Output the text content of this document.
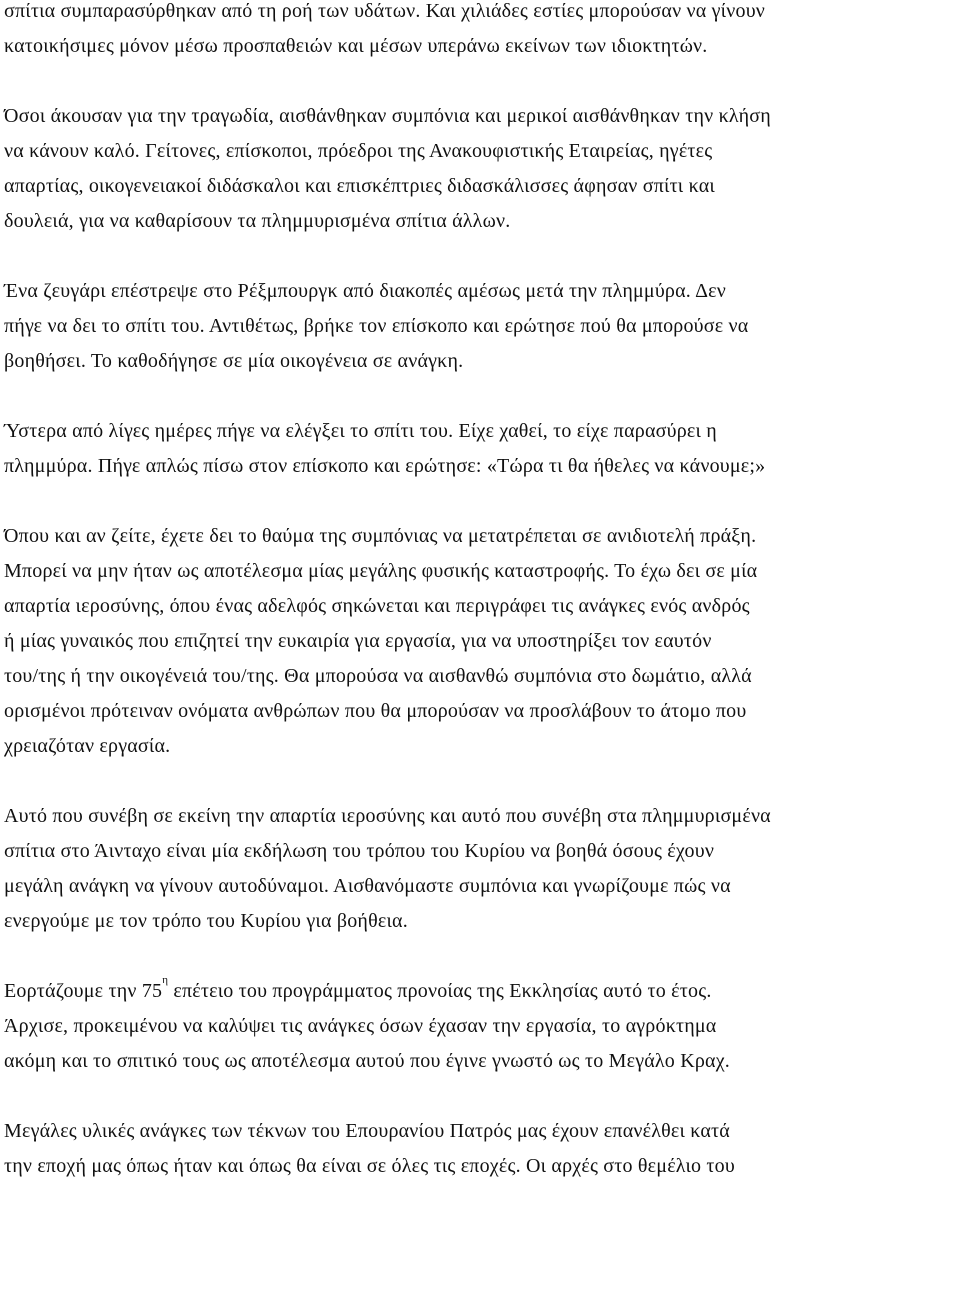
σπίτια συμπαρασύρθηκαν από τη ροή των υδάτων. Και χιλιάδες εστίες μπορούσαν να γίνουν
κατοικήσιμες μόνον μέσω προσπαθειών και μέσων υπεράνω εκείνων των ιδιοκτητών.

Όσοι άκουσαν για την τραγωδία, αισθάνθηκαν συμπόνια και μερικοί αισθάνθηκαν την κλήση
να κάνουν καλό. Γείτονες, επίσκοποι, πρόεδροι της Ανακουφιστικής Εταιρείας, ηγέτες
απαρτίας, οικογενειακοί διδάσκαλοι και επισκέπτριες διδασκάλισσες άφησαν σπίτι και
δουλειά, για να καθαρίσουν τα πλημμυρισμένα σπίτια άλλων.

Ένα ζευγάρι επέστρεψε στο Ρέξμπουργκ από διακοπές αμέσως μετά την πλημμύρα. Δεν
πήγε να δει το σπίτι του. Αντιθέτως, βρήκε τον επίσκοπο και ερώτησε πού θα μπορούσε να
βοηθήσει. Το καθοδήγησε σε μία οικογένεια σε ανάγκη.

Ύστερα από λίγες ημέρες πήγε να ελέγξει το σπίτι του. Είχε χαθεί, το είχε παρασύρει η
πλημμύρα. Πήγε απλώς πίσω στον επίσκοπο και ερώτησε: «Τώρα τι θα ήθελες να κάνουμε;»

Όπου και αν ζείτε, έχετε δει το θαύμα της συμπόνιας να μετατρέπεται σε ανιδιοτελή πράξη.
Μπορεί να μην ήταν ως αποτέλεσμα μίας μεγάλης φυσικής καταστροφής. Το έχω δει σε μία
απαρτία ιεροσύνης, όπου ένας αδελφός σηκώνεται και περιγράφει τις ανάγκες ενός ανδρός
ή μίας γυναικός που επιζητεί την ευκαιρία για εργασία, για να υποστηρίξει τον εαυτόν
του/της ή την οικογένειά του/της. Θα μπορούσα να αισθανθώ συμπόνια στο δωμάτιο, αλλά
ορισμένοι πρότειναν ονόματα ανθρώπων που θα μπορούσαν να προσλάβουν το άτομο που
χρειαζόταν εργασία.

Αυτό που συνέβη σε εκείνη την απαρτία ιεροσύνης και αυτό που συνέβη στα πλημμυρισμένα
σπίτια στο Άινταχο είναι μία εκδήλωση του τρόπου του Κυρίου να βοηθά όσους έχουν
μεγάλη ανάγκη να γίνουν αυτοδύναμοι. Αισθανόμαστε συμπόνια και γνωρίζουμε πώς να
ενεργούμε με τον τρόπο του Κυρίου για βοήθεια.

Εορτάζουμε την $75^\eta$ επέτειο του προγράμματος προνοίας της Εκκλησίας αυτό το έτος.
Άρχισε, προκειμένου να καλύψει τις ανάγκες όσων έχασαν την εργασία, το αγρόκτημα
ακόμη και το σπιτικό τους ως αποτέλεσμα αυτού που έγινε γνωστό ως το Μεγάλο Κραχ.

Μεγάλες υλικές ανάγκες των τέκνων του Επουρανίου Πατρός μας έχουν επανέλθει κατά
την εποχή μας όπως ήταν και όπως θα είναι σε όλες τις εποχές. Οι αρχές στο θεμέλιο του
